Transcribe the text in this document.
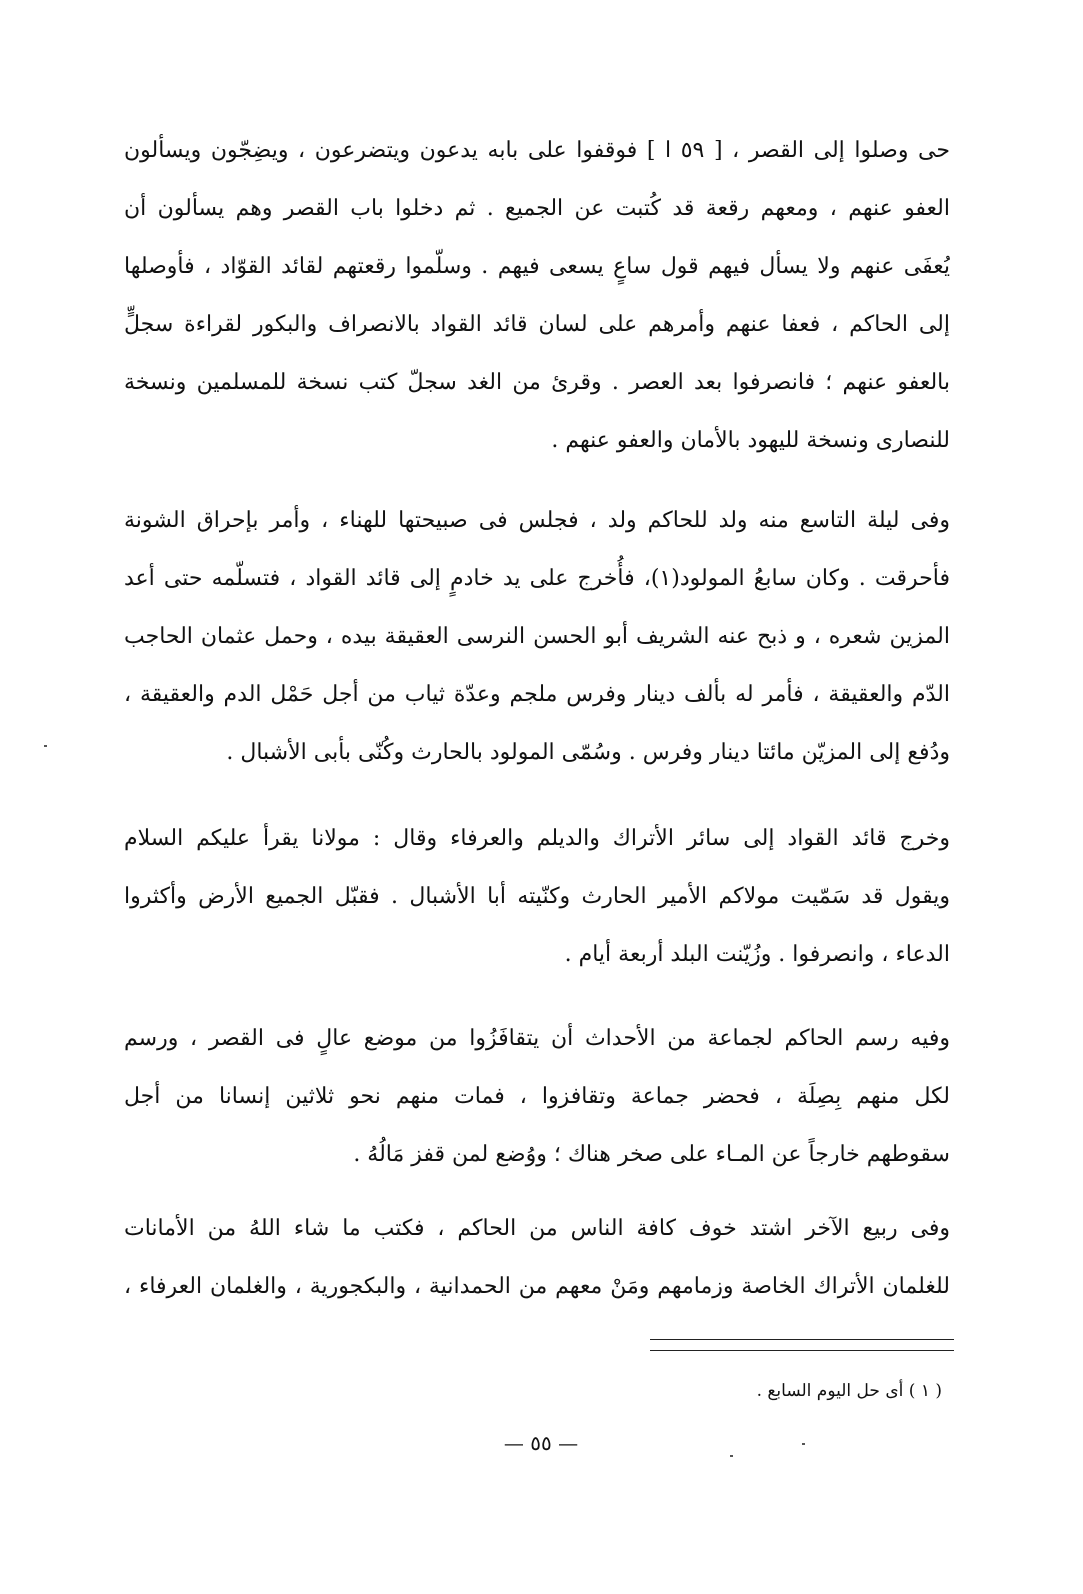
حى وصلوا إلى القصر ، [ ٥٩ ا ] فوقفوا على بابه يدعون ويتضرعون ، ويضِجّون ويسألون
العفو عنهم ، ومعهم رقعة قد كُتبت عن الجميع . ثم دخلوا باب القصر وهم يسألون أن
يُعفَى عنهم ولا يسأل فيهم قول ساعٍ يسعى فيهم . وسلّموا رقعتهم لقائد القوّاد ، فأوصلها
إلى الحاكم ، فعفا عنهم وأمرهم على لسان قائد القواد بالانصراف والبكور لقراءة سجلٍّ
بالعفو عنهم ؛ فانصرفوا بعد العصر . وقرئ من الغد سجلّ كتب نسخة للمسلمين ونسخة
للنصارى ونسخة لليهود بالأمان والعفو عنهم .
وفى ليلة التاسع منه ولد للحاكم ولد ، فجلس فى صبيحتها للهناء ، وأمر بإحراق الشونة
فأحرقت . وكان سابعُ المولود(١)، فأُخرج على يد خادمٍ إلى قائد القواد ، فتسلّمه حتى أعد
المزين شعره ، و ذبح عنه الشريف أبو الحسن النرسى العقيقة بيده ، وحمل عثمان الحاجب
الدّم والعقيقة ، فأمر له بألف دينار وفرس ملجم وعدّة ثياب من أجل حَمْل الدم والعقيقة ،
ودُفع إلى المزيّن مائتا دينار وفرس . وسُمّى المولود بالحارث وكُنّى بأبى الأشبال .
وخرج قائد القواد إلى سائر الأتراك والديلم والعرفاء وقال : مولانا يقرأ عليكم السلام
ويقول قد سَمّيت مولاكم الأمير الحارث وكنّيته أبا الأشبال . فقبّل الجميع الأرض وأكثروا
الدعاء ، وانصرفوا . وزُيّنت البلد أربعة أيام .
وفيه رسم الحاكم لجماعة من الأحداث أن يتقافَزُوا من موضع عالٍ فى القصر ، ورسم
لكل منهم بِصِلَة ، فحضر جماعة وتقافزوا ، فمات منهم نحو ثلاثين إنسانا من أجل
سقوطهم خارجاً عن المـاء على صخر هناك ؛ ووُضع لمن قفز مَالُهُ .
وفى ربيع الآخر اشتد خوف كافة الناس من الحاكم ، فكتب ما شاء اللهُ من الأمانات
للغلمان الأتراك الخاصة وزمامهم ومَنْ معهم من الحمدانية ، والبكجورية ، والغلمان العرفاء ،
( ١ ) أى حل اليوم السابع .
— ٥٥ —
